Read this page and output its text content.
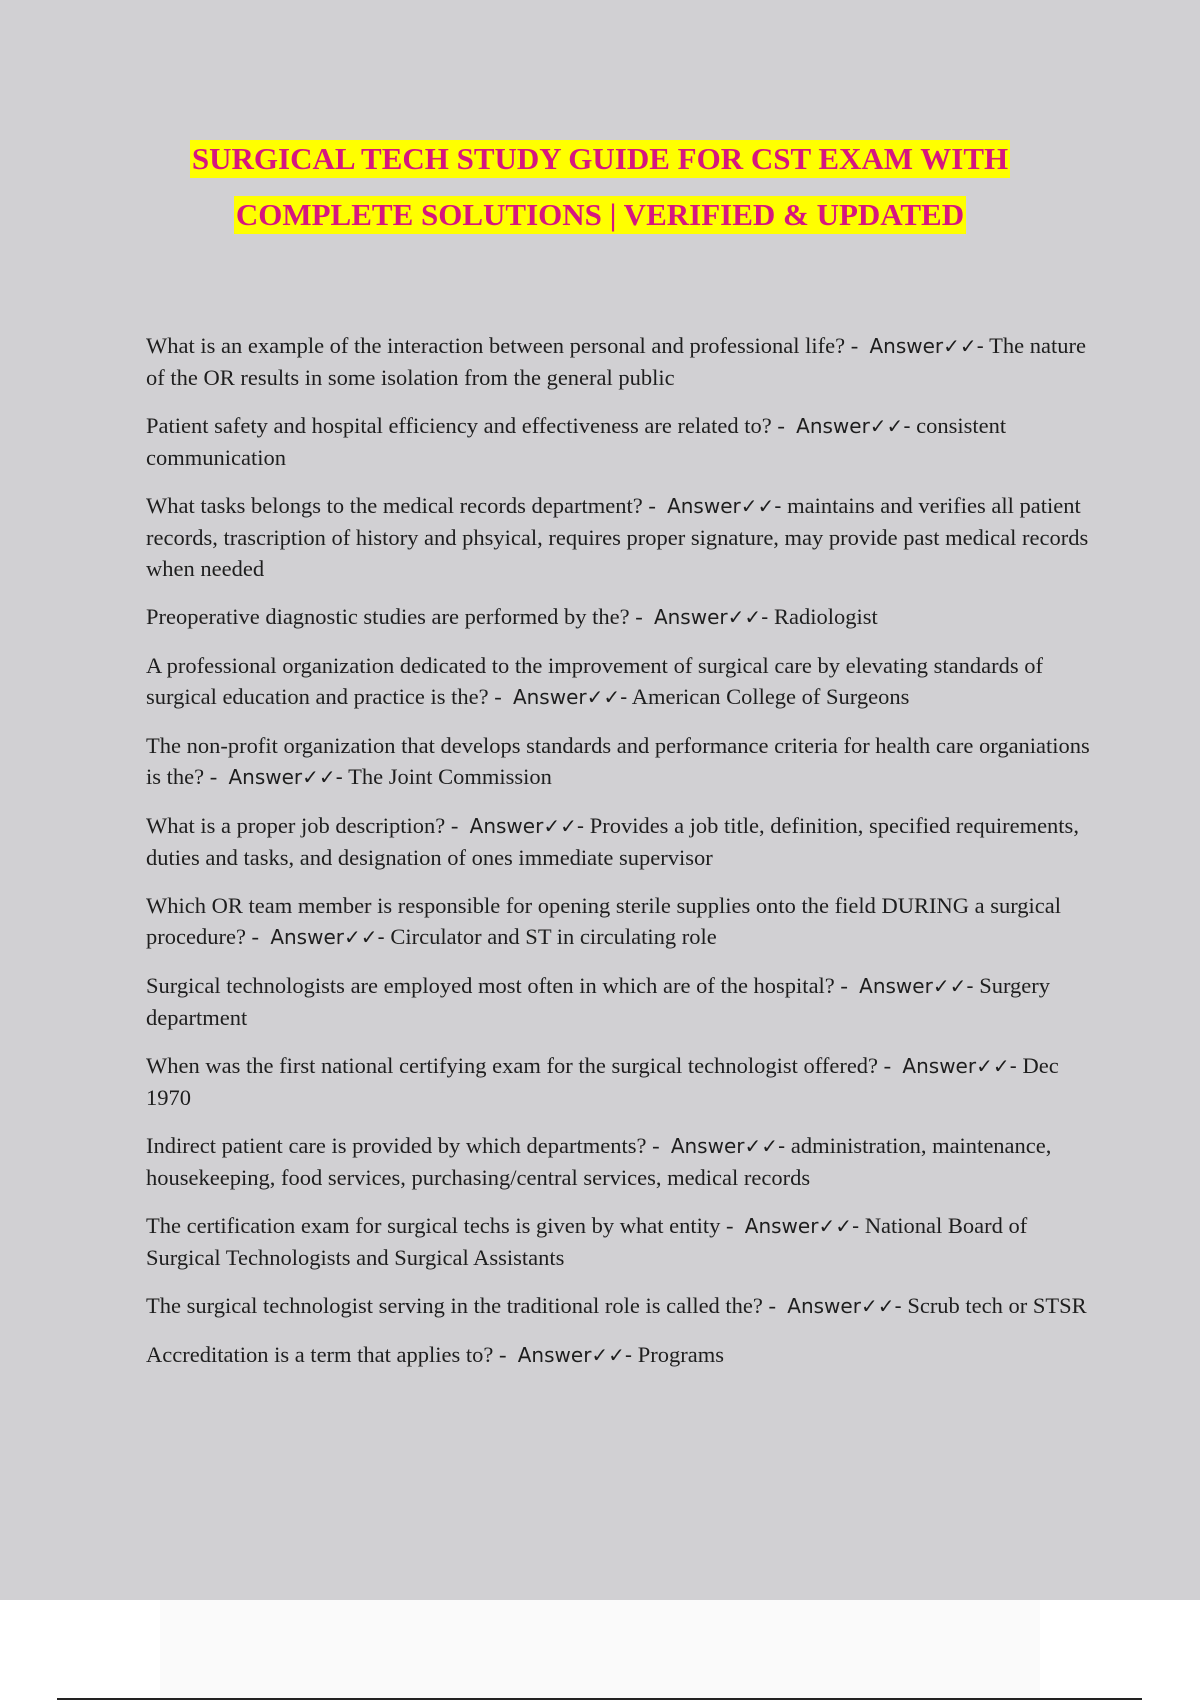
SURGICAL TECH STUDY GUIDE FOR CST EXAM WITH
COMPLETE SOLUTIONS | VERIFIED & UPDATED

What is an example of the interaction between personal and professional life? - Answer✓✓- The nature of the OR results in some isolation from the general public

Patient safety and hospital efficiency and effectiveness are related to? - Answer✓✓- consistent communication

What tasks belongs to the medical records department? - Answer✓✓- maintains and verifies all patient records, trascription of history and phsyical, requires proper signature, may provide past medical records when needed

Preoperative diagnostic studies are performed by the? - Answer✓✓- Radiologist

A professional organization dedicated to the improvement of surgical care by elevating standards of surgical education and practice is the? - Answer✓✓- American College of Surgeons

The non-profit organization that develops standards and performance criteria for health care organiations is the? - Answer✓✓- The Joint Commission

What is a proper job description? - Answer✓✓- Provides a job title, definition, specified requirements, duties and tasks, and designation of ones immediate supervisor

Which OR team member is responsible for opening sterile supplies onto the field DURING a surgical procedure? - Answer✓✓- Circulator and ST in circulating role

Surgical technologists are employed most often in which are of the hospital? - Answer✓✓- Surgery department

When was the first national certifying exam for the surgical technologist offered? - Answer✓✓- Dec 1970

Indirect patient care is provided by which departments? - Answer✓✓- administration, maintenance, housekeeping, food services, purchasing/central services, medical records

The certification exam for surgical techs is given by what entity - Answer✓✓- National Board of Surgical Technologists and Surgical Assistants

The surgical technologist serving in the traditional role is called the? - Answer✓✓- Scrub tech or STSR

Accreditation is a term that applies to? - Answer✓✓- Programs
